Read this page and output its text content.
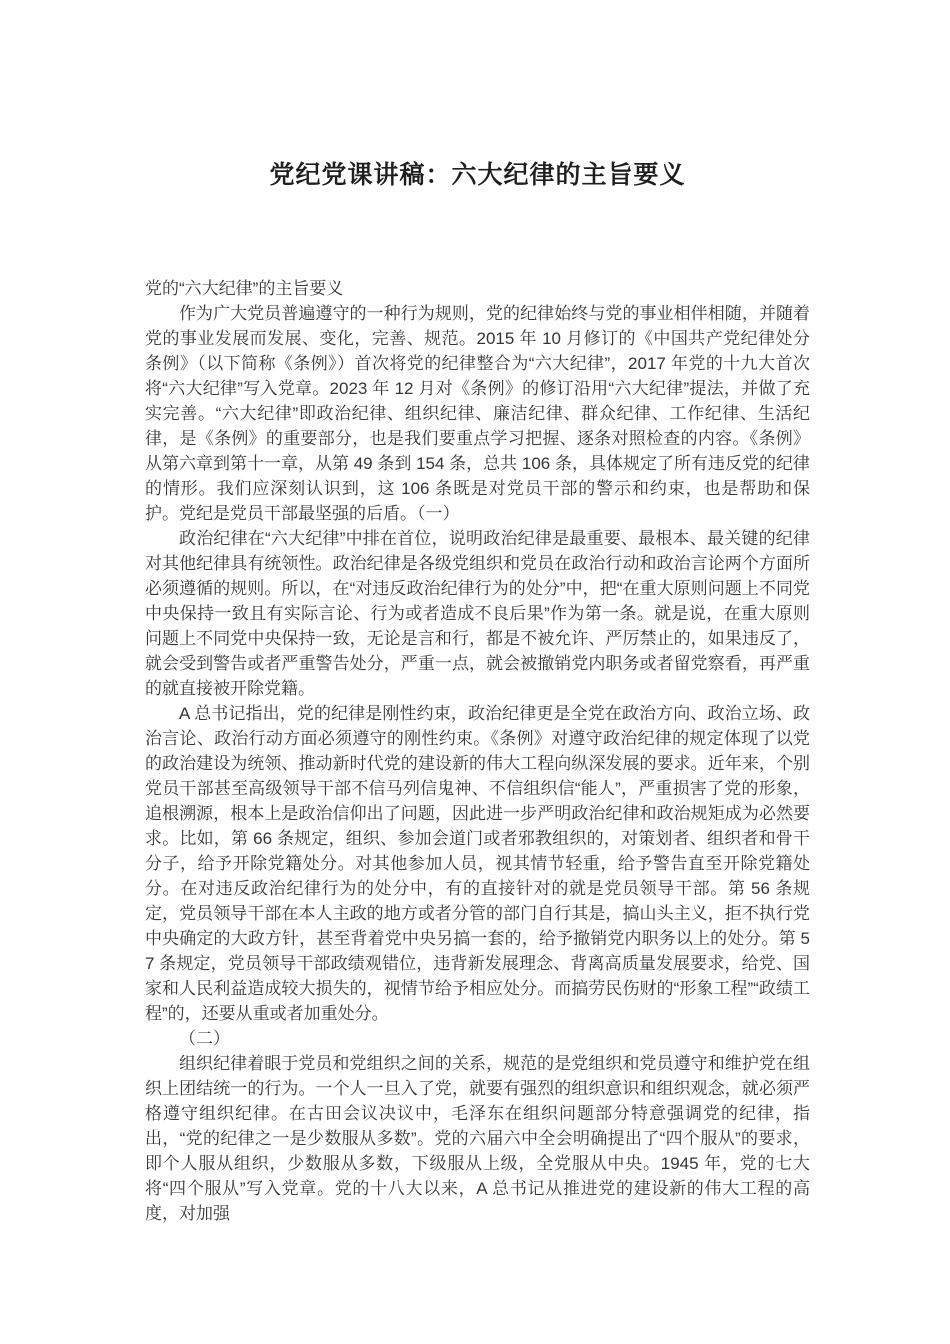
党纪党课讲稿：六大纪律的主旨要义

党的“六大纪律”的主旨要义

作为广大党员普遍遵守的一种行为规则，党的纪律始终与党的事业相伴相随，并随着党的事业发展而发展、变化，完善、规范。2015 年 10 月修订的《中国共产党纪律处分条例》（以下简称《条例》）首次将党的纪律整合为“六大纪律”，2017 年党的十九大首次将“六大纪律”写入党章。2023 年 12 月对《条例》的修订沿用“六大纪律”提法，并做了充实完善。“六大纪律”即政治纪律、组织纪律、廉洁纪律、群众纪律、工作纪律、生活纪律，是《条例》的重要部分，也是我们要重点学习把握、逐条对照检查的内容。《条例》从第六章到第十一章，从第 49 条到 154 条，总共 106 条，具体规定了所有违反党的纪律的情形。我们应深刻认识到，这 106 条既是对党员干部的警示和约束，也是帮助和保护。党纪是党员干部最坚强的后盾。（一）

政治纪律在“六大纪律”中排在首位，说明政治纪律是最重要、最根本、最关键的纪律对其他纪律具有统领性。政治纪律是各级党组织和党员在政治行动和政治言论两个方面所必须遵循的规则。所以，在“对违反政治纪律行为的处分”中，把“在重大原则问题上不同党中央保持一致且有实际言论、行为或者造成不良后果”作为第一条。就是说，在重大原则问题上不同党中央保持一致，无论是言和行，都是不被允许、严厉禁止的，如果违反了，就会受到警告或者严重警告处分，严重一点，就会被撤销党内职务或者留党察看，再严重的就直接被开除党籍。

A 总书记指出，党的纪律是刚性约束，政治纪律更是全党在政治方向、政治立场、政治言论、政治行动方面必须遵守的刚性约束。《条例》对遵守政治纪律的规定体现了以党的政治建设为统领、推动新时代党的建设新的伟大工程向纵深发展的要求。近年来，个别党员干部甚至高级领导干部不信马列信鬼神、不信组织信“能人”，严重损害了党的形象，追根溯源，根本上是政治信仰出了问题，因此进一步严明政治纪律和政治规矩成为必然要求。比如，第 66 条规定，组织、参加会道门或者邪教组织的，对策划者、组织者和骨干分子，给予开除党籍处分。对其他参加人员，视其情节轻重，给予警告直至开除党籍处分。在对违反政治纪律行为的处分中，有的直接针对的就是党员领导干部。第 56 条规定，党员领导干部在本人主政的地方或者分管的部门自行其是，搞山头主义，拒不执行党中央确定的大政方针，甚至背着党中央另搞一套的，给予撤销党内职务以上的处分。第 57 条规定，党员领导干部政绩观错位，违背新发展理念、背离高质量发展要求，给党、国家和人民利益造成较大损失的，视情节给予相应处分。而搞劳民伤财的“形象工程”“政绩工程”的，还要从重或者加重处分。

（二）

组织纪律着眼于党员和党组织之间的关系，规范的是党组织和党员遵守和维护党在组织上团结统一的行为。一个人一旦入了党，就要有强烈的组织意识和组织观念，就必须严格遵守组织纪律。在古田会议决议中，毛泽东在组织问题部分特意强调党的纪律，指出，“党的纪律之一是少数服从多数”。党的六届六中全会明确提出了“四个服从”的要求，即个人服从组织，少数服从多数，下级服从上级，全党服从中央。1945 年，党的七大将“四个服从”写入党章。党的十八大以来，A 总书记从推进党的建设新的伟大工程的高度，对加强
